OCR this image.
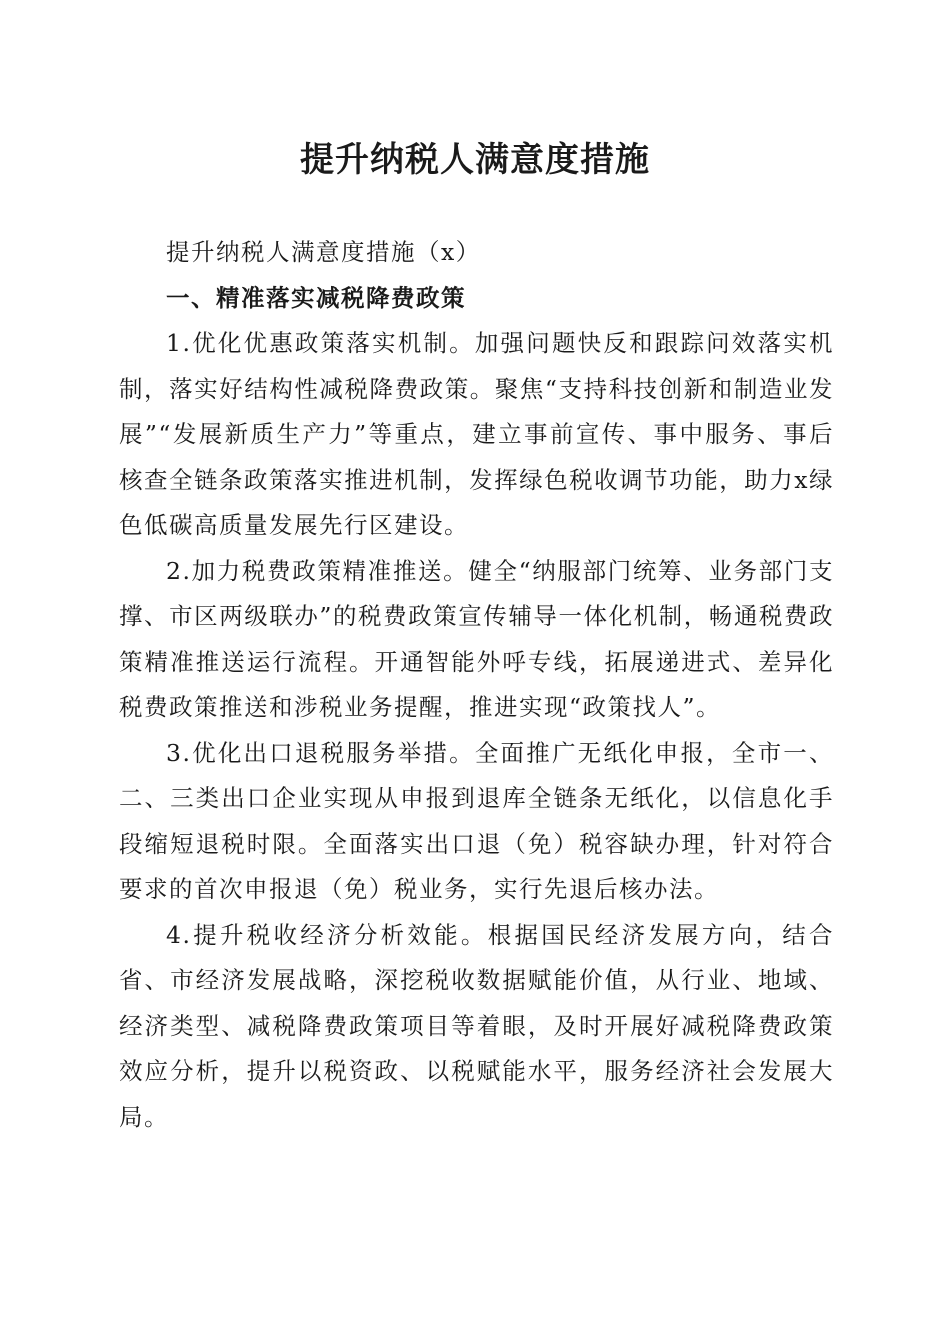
提升纳税人满意度措施

提升纳税人满意度措施（x）

一、精准落实减税降费政策

1.优化优惠政策落实机制。加强问题快反和跟踪问效落实机制，落实好结构性减税降费政策。聚焦“支持科技创新和制造业发展”“发展新质生产力”等重点，建立事前宣传、事中服务、事后核查全链条政策落实推进机制，发挥绿色税收调节功能，助力x绿色低碳高质量发展先行区建设。

2.加力税费政策精准推送。健全“纳服部门统筹、业务部门支撑、市区两级联办”的税费政策宣传辅导一体化机制，畅通税费政策精准推送运行流程。开通智能外呼专线，拓展递进式、差异化税费政策推送和涉税业务提醒，推进实现“政策找人”。

3.优化出口退税服务举措。全面推广无纸化申报，全市一、二、三类出口企业实现从申报到退库全链条无纸化，以信息化手段缩短退税时限。全面落实出口退（免）税容缺办理，针对符合要求的首次申报退（免）税业务，实行先退后核办法。

4.提升税收经济分析效能。根据国民经济发展方向，结合省、市经济发展战略，深挖税收数据赋能价值，从行业、地域、经济类型、减税降费政策项目等着眼，及时开展好减税降费政策效应分析，提升以税资政、以税赋能水平，服务经济社会发展大局。
